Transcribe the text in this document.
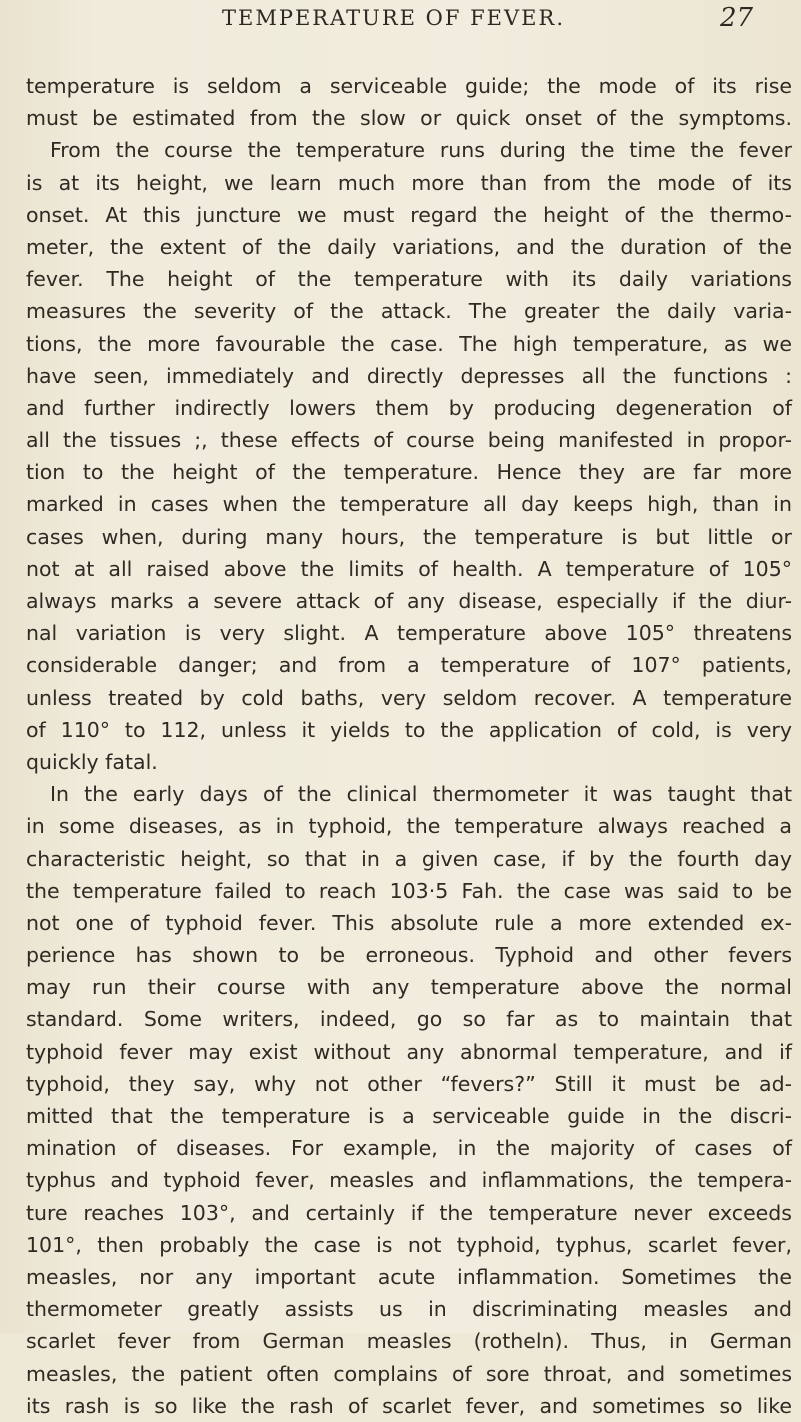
TEMPERATURE OF FEVER.	27
temperature is seldom a serviceable guide; the mode of its rise
must be estimated from the slow or quick onset of the symptoms.
From the course the temperature runs during the time the fever
is at its height, we learn much more than from the mode of its
onset. At this juncture we must regard the height of the thermo-
meter, the extent of the daily variations, and the duration of the
fever. The height of the temperature with its daily variations
measures the severity of the attack. The greater the daily varia-
tions, the more favourable the case. The high temperature, as we
have seen, immediately and directly depresses all the functions :
and further indirectly lowers them by producing degeneration of
all the tissues ;, these effects of course being manifested in propor-
tion to the height of the temperature. Hence they are far more
marked in cases when the temperature all day keeps high, than in
cases when, during many hours, the temperature is but little or
not at all raised above the limits of health. A temperature of 105°
always marks a severe attack of any disease, especially if the diur-
nal variation is very slight. A temperature above 105° threatens
considerable danger; and from a temperature of 107° patients,
unless treated by cold baths, very seldom recover. A temperature
of 110° to 112, unless it yields to the application of cold, is very
quickly fatal.
In the early days of the clinical thermometer it was taught that
in some diseases, as in typhoid, the temperature always reached a
characteristic height, so that in a given case, if by the fourth day
the temperature failed to reach 103·5 Fah. the case was said to be
not one of typhoid fever. This absolute rule a more extended ex-
perience has shown to be erroneous. Typhoid and other fevers
may run their course with any temperature above the normal
standard. Some writers, indeed, go so far as to maintain that
typhoid fever may exist without any abnormal temperature, and if
typhoid, they say, why not other “fevers?” Still it must be ad-
mitted that the temperature is a serviceable guide in the discri-
mination of diseases. For example, in the majority of cases of
typhus and typhoid fever, measles and inflammations, the tempera-
ture reaches 103°, and certainly if the temperature never exceeds
101°, then probably the case is not typhoid, typhus, scarlet fever,
measles, nor any important acute inflammation. Sometimes the
thermometer greatly assists us in discriminating measles and
scarlet fever from German measles (rotheln). Thus, in German
measles, the patient often complains of sore throat, and sometimes
its rash is so like the rash of scarlet fever, and sometimes so like
